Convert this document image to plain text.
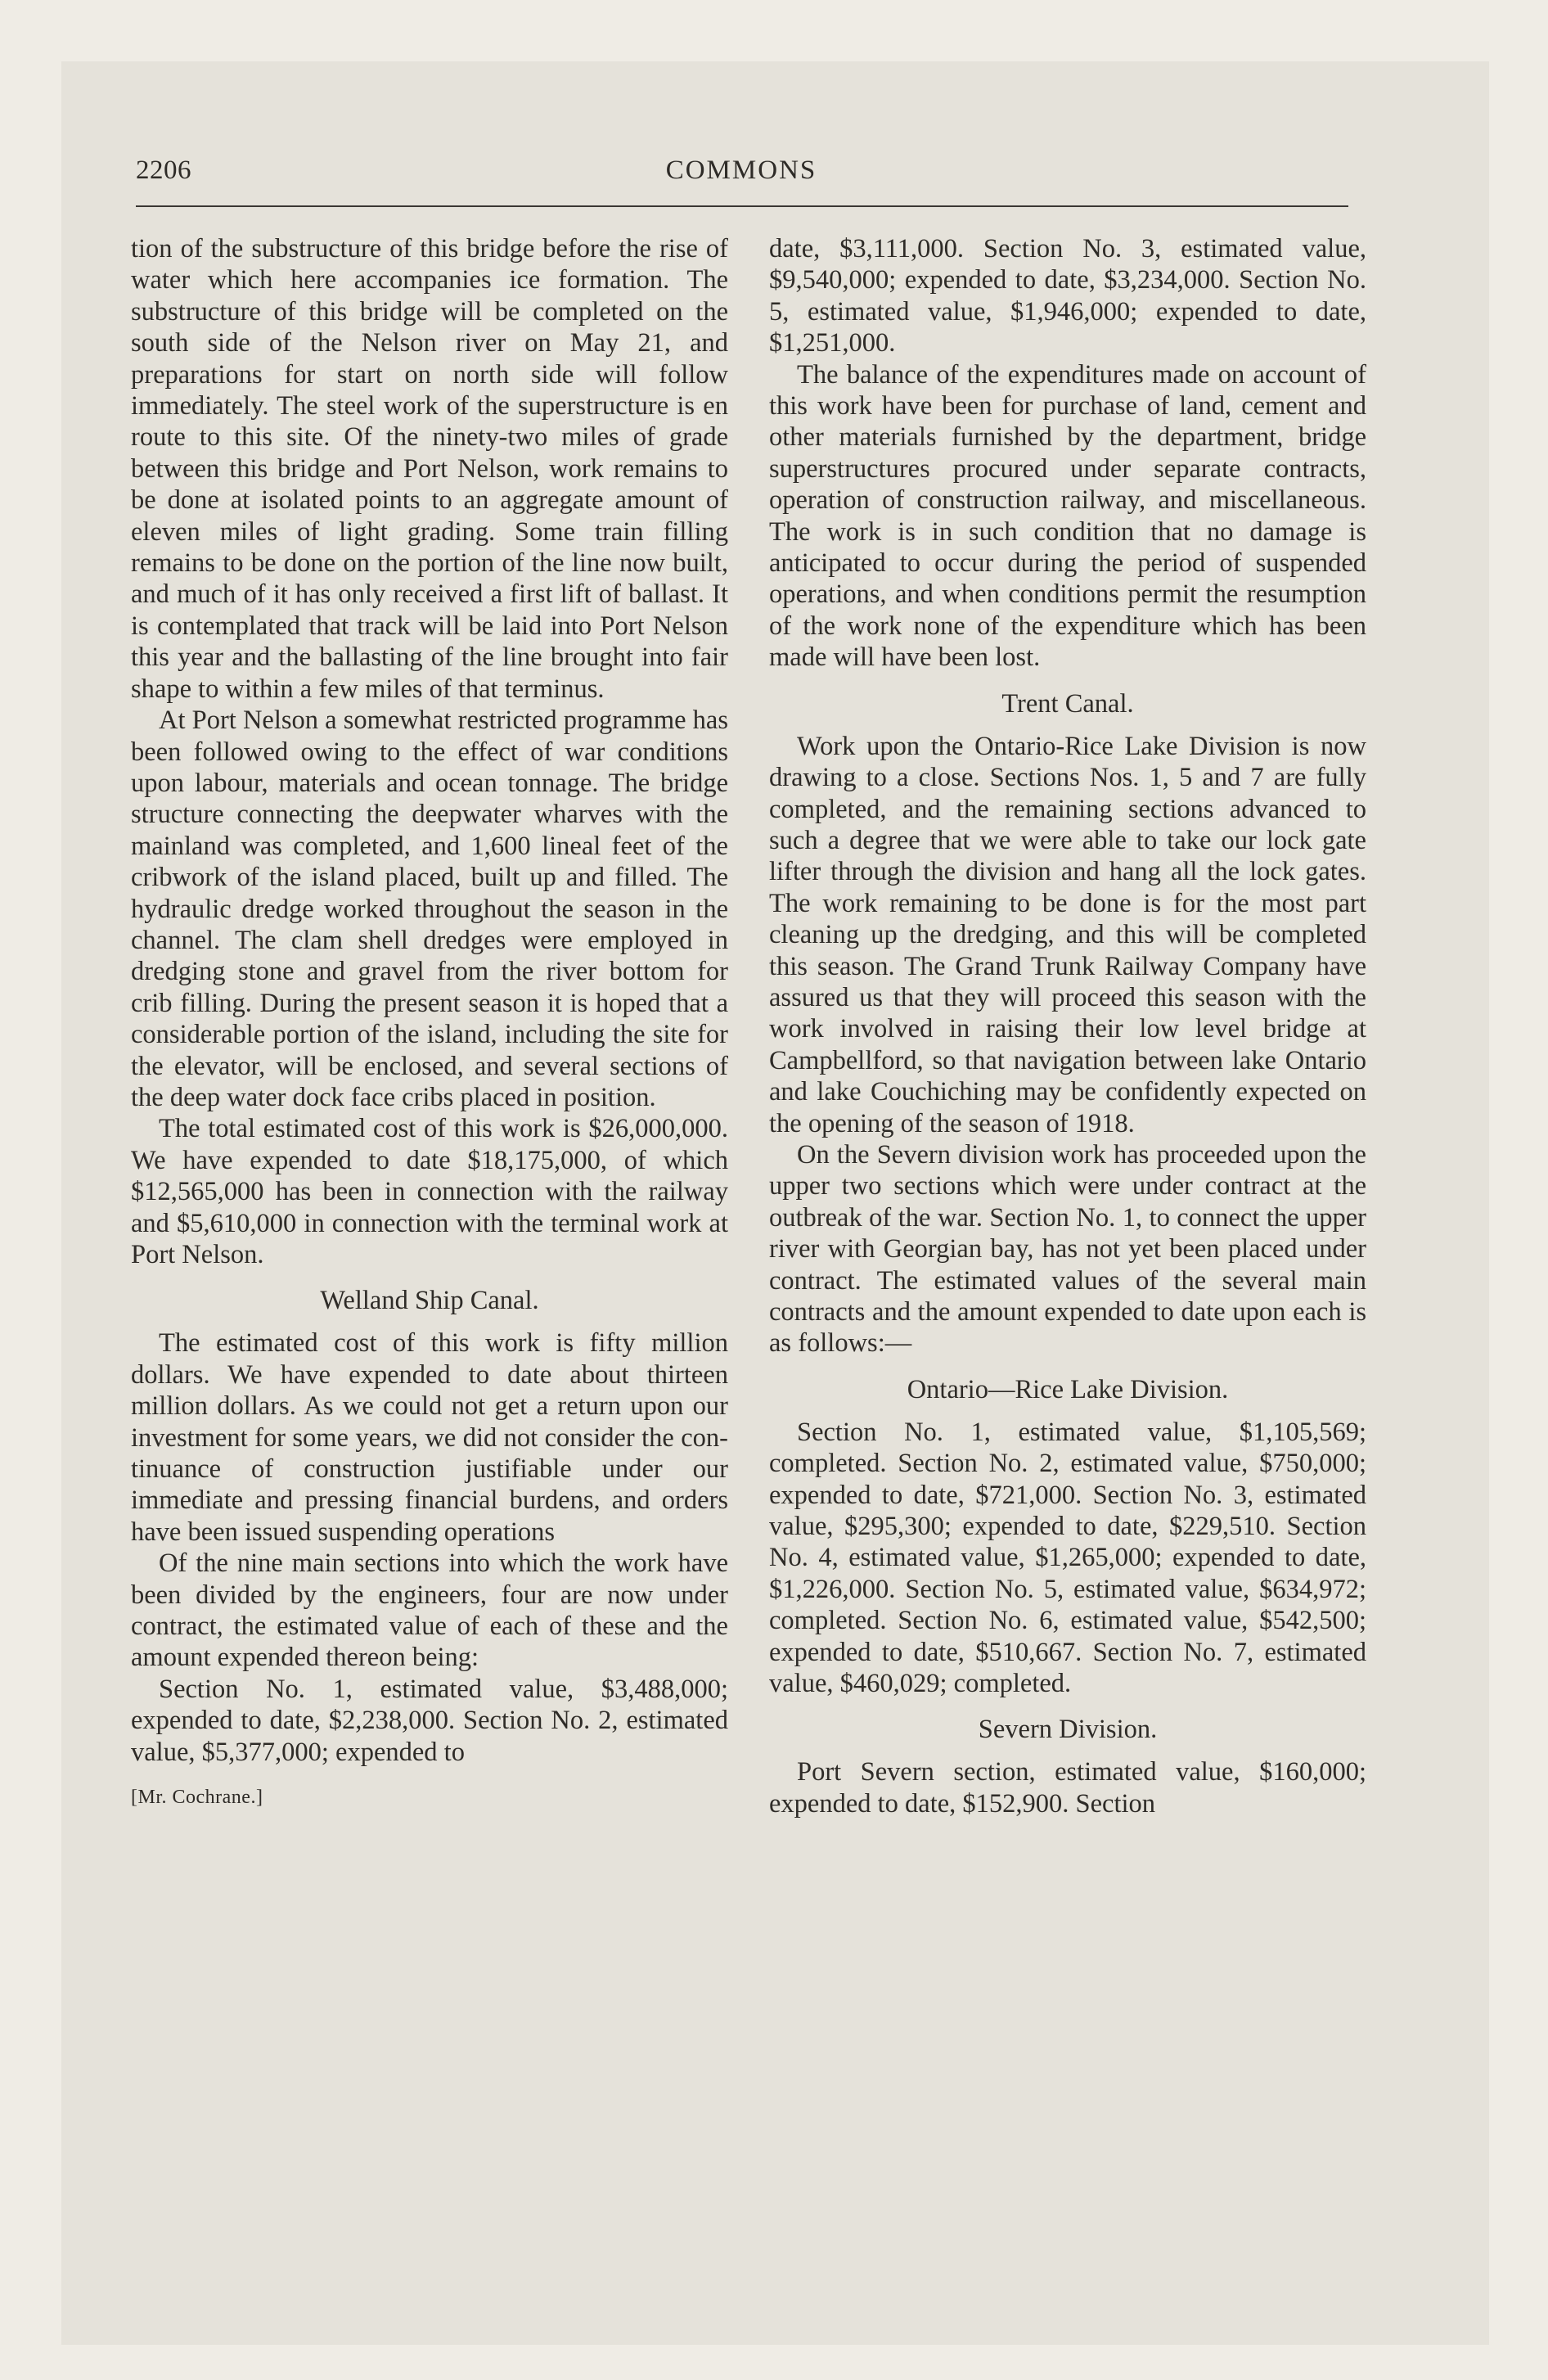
2206	COMMONS

tion of the substructure of this bridge before the rise of water which here accompanies ice formation. The substructure of this bridge will be completed on the south side of the Nelson river on May 21, and preparations for start on north side will follow immediately. The steel work of the superstructure is en route to this site. Of the ninety-two miles of grade between this bridge and Port Nelson, work remains to be done at isolated points to an aggregate amount of eleven miles of light grading. Some train filling remains to be done on the portion of the line now built, and much of it has only received a first lift of ballast. It is contemplated that track will be laid into Port Nelson this year and the ballasting of the line brought into fair shape to within a few miles of that terminus.

At Port Nelson a somewhat restricted programme has been followed owing to the effect of war conditions upon labour, materials and ocean tonnage. The bridge structure connecting the deepwater wharves with the mainland was completed, and 1,600 lineal feet of the cribwork of the island placed, built up and filled. The hydraulic dredge worked throughout the season in the channel. The clam shell dredges were employed in dredging stone and gravel from the river bottom for crib filling. During the present season it is hoped that a considerable portion of the island, including the site for the elevator, will be enclosed, and several sections of the deep water dock face cribs placed in position.

The total estimated cost of this work is $26,000,000. We have expended to date $18,175,000, of which $12,565,000 has been in connection with the railway and $5,610,000 in connection with the terminal work at Port Nelson.

Welland Ship Canal.

The estimated cost of this work is fifty million dollars. We have expended to date about thirteen million dollars. As we could not get a return upon our investment for some years, we did not consider the continuance of construction justifiable under our immediate and pressing financial burdens, and orders have been issued suspending operations

Of the nine main sections into which the work have been divided by the engineers, four are now under contract, the estimated value of each of these and the amount expended thereon being:

Section No. 1, estimated value, $3,488,000; expended to date, $2,238,000. Section No. 2, estimated value, $5,377,000; expended to

[Mr. Cochrane.]

date, $3,111,000. Section No. 3, estimated value, $9,540,000; expended to date, $3,234,000. Section No. 5, estimated value, $1,946,000; expended to date, $1,251,000.

The balance of the expenditures made on account of this work have been for purchase of land, cement and other materials furnished by the department, bridge superstructures procured under separate contracts, operation of construction railway, and miscellaneous. The work is in such condition that no damage is anticipated to occur during the period of suspended operations, and when conditions permit the resumption of the work none of the expenditure which has been made will have been lost.

Trent Canal.

Work upon the Ontario-Rice Lake Division is now drawing to a close. Sections Nos. 1, 5 and 7 are fully completed, and the remaining sections advanced to such a degree that we were able to take our lock gate lifter through the division and hang all the lock gates. The work remaining to be done is for the most part cleaning up the dredging, and this will be completed this season. The Grand Trunk Railway Company have assured us that they will proceed this season with the work involved in raising their low level bridge at Campbellford, so that navigation between lake Ontario and lake Couchiching may be confidently expected on the opening of the season of 1918.

On the Severn division work has proceeded upon the upper two sections which were under contract at the outbreak of the war. Section No. 1, to connect the upper river with Georgian bay, has not yet been placed under contract. The estimated values of the several main contracts and the amount expended to date upon each is as follows:—

Ontario—Rice Lake Division.

Section No. 1, estimated value, $1,105,569; completed. Section No. 2, estimated value, $750,000; expended to date, $721,000. Section No. 3, estimated value, $295,300; expended to date, $229,510. Section No. 4, estimated value, $1,265,000; expended to date, $1,226,000. Section No. 5, estimated value, $634,972; completed. Section No. 6, estimated value, $542,500; expended to date, $510,667. Section No. 7, estimated value, $460,029; completed.

Severn Division.

Port Severn section, estimated value, $160,000; expended to date, $152,900. Section
